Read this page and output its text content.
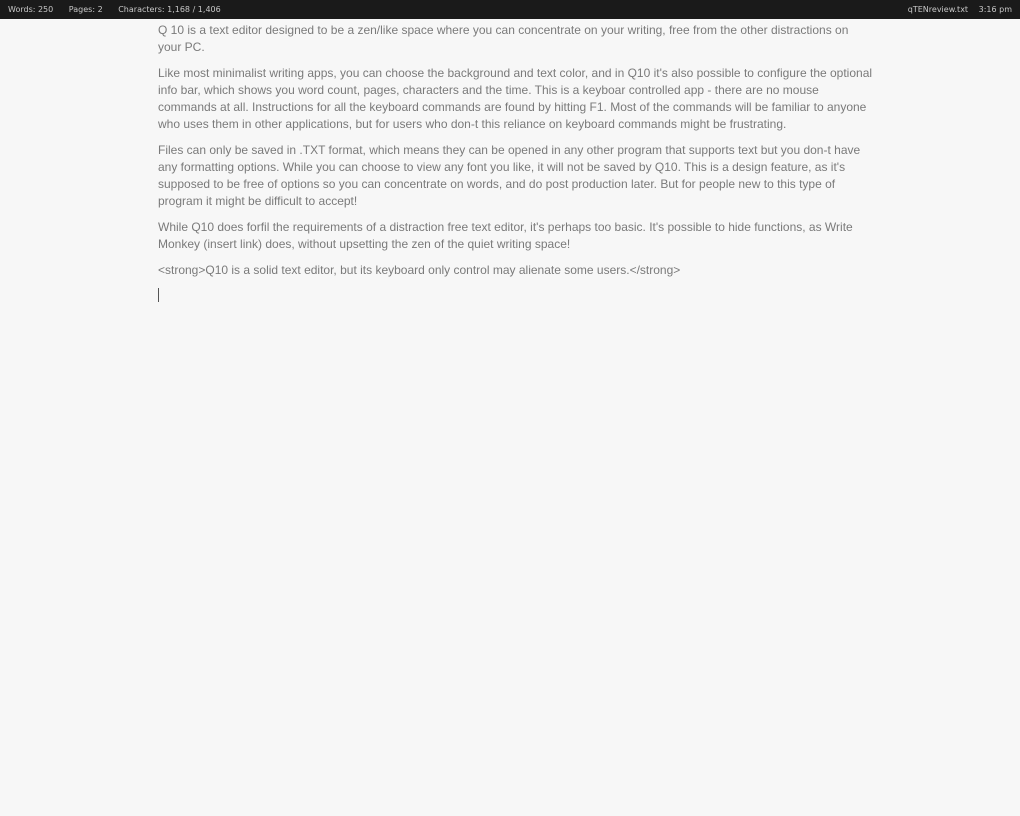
Words: 250 Pages: 2 Characters: 1,168 / 1,406	qTENreview.txt 3:16 pm

Q 10 is a text editor designed to be a zen/like space where you can concentrate on your writing, free from the other distractions on your PC.

Like most minimalist writing apps, you can choose the background and text color, and in Q10 it's also possible to configure the optional info bar, which shows you word count, pages, characters and the time. This is a keyboar controlled app - there are no mouse commands at all. Instructions for all the keyboard commands are found by hitting F1. Most of the commands will be familiar to anyone who uses them in other applications, but for users who don-t this reliance on keyboard commands might be frustrating.

Files can only be saved in .TXT format, which means they can be opened in any other program that supports text but you don-t have any formatting options. While you can choose to view any font you like, it will not be saved by Q10. This is a design feature, as it's supposed to be free of options so you can concentrate on words, and do post production later. But for people new to this type of program it might be difficult to accept!

While Q10 does forfil the requirements of a distraction free text editor, it's perhaps too basic. It's possible to hide functions, as Write Monkey (insert link) does, without upsetting the zen of the quiet writing space!

<strong>Q10 is a solid text editor, but its keyboard only control may alienate some users.</strong>
